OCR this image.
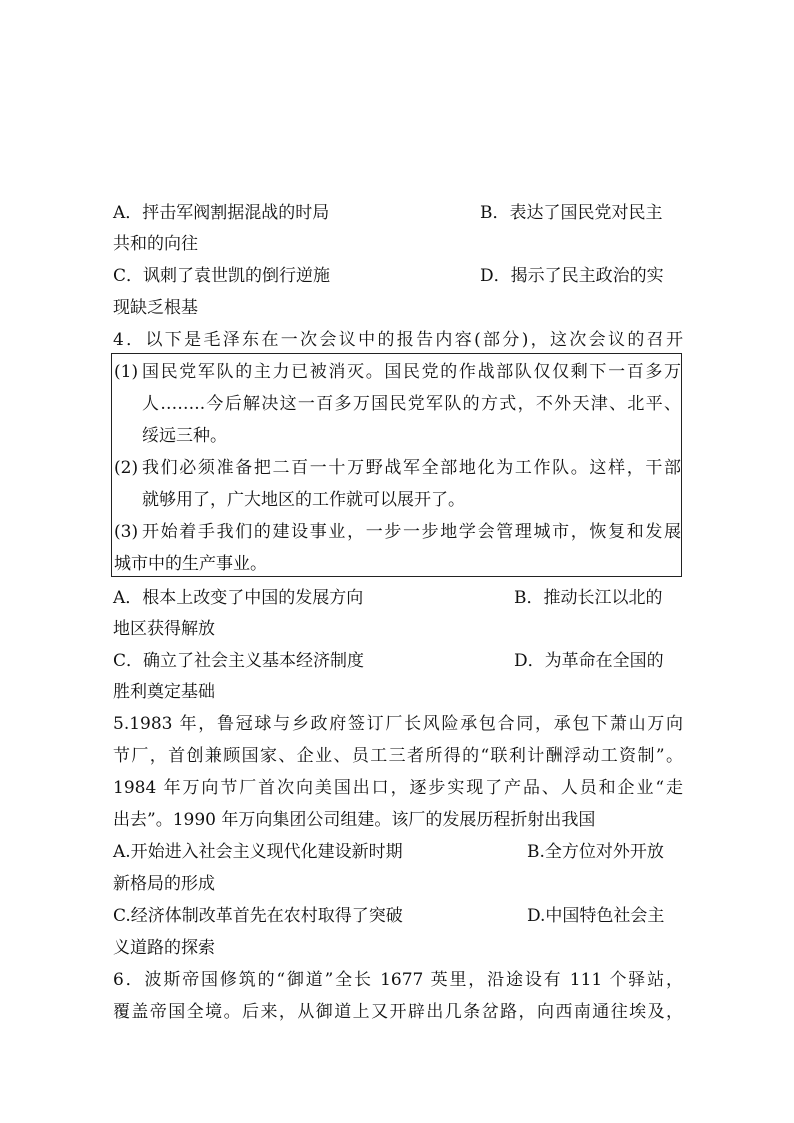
A．抨击军阀割据混战的时局	B．表达了国民党对民主
共和的向往
C．讽刺了袁世凯的倒行逆施	D．揭示了民主政治的实
现缺乏根基
4．以下是毛泽东在一次会议中的报告内容(部分)，这次会议的召开
(1) 国民党军队的主力已被消灭。国民党的作战部队仅仅剩下一百多万
人……..今后解决这一百多万国民党军队的方式，不外天津、北平、
绥远三种。
(2) 我们必须准备把二百一十万野战军全部地化为工作队。这样，干部
就够用了，广大地区的工作就可以展开了。
(3) 开始着手我们的建设事业，一步一步地学会管理城市，恢复和发展
城市中的生产事业。
A．根本上改变了中国的发展方向	B．推动长江以北的
地区获得解放
C．确立了社会主义基本经济制度	D．为革命在全国的
胜利奠定基础
5.1983 年，鲁冠球与乡政府签订厂长风险承包合同，承包下萧山万向
节厂，首创兼顾国家、企业、员工三者所得的“联利计酬浮动工资制”。
1984 年万向节厂首次向美国出口，逐步实现了产品、人员和企业“走
出去”。1990 年万向集团公司组建。该厂的发展历程折射出我国
A.开始进入社会主义现代化建设新时期	B.全方位对外开放
新格局的形成
C.经济体制改革首先在农村取得了突破	D.中国特色社会主
义道路的探索
6．波斯帝国修筑的“御道”全长 1677 英里，沿途设有 111 个驿站，
覆盖帝国全境。后来，从御道上又开辟出几条岔路，向西南通往埃及，
